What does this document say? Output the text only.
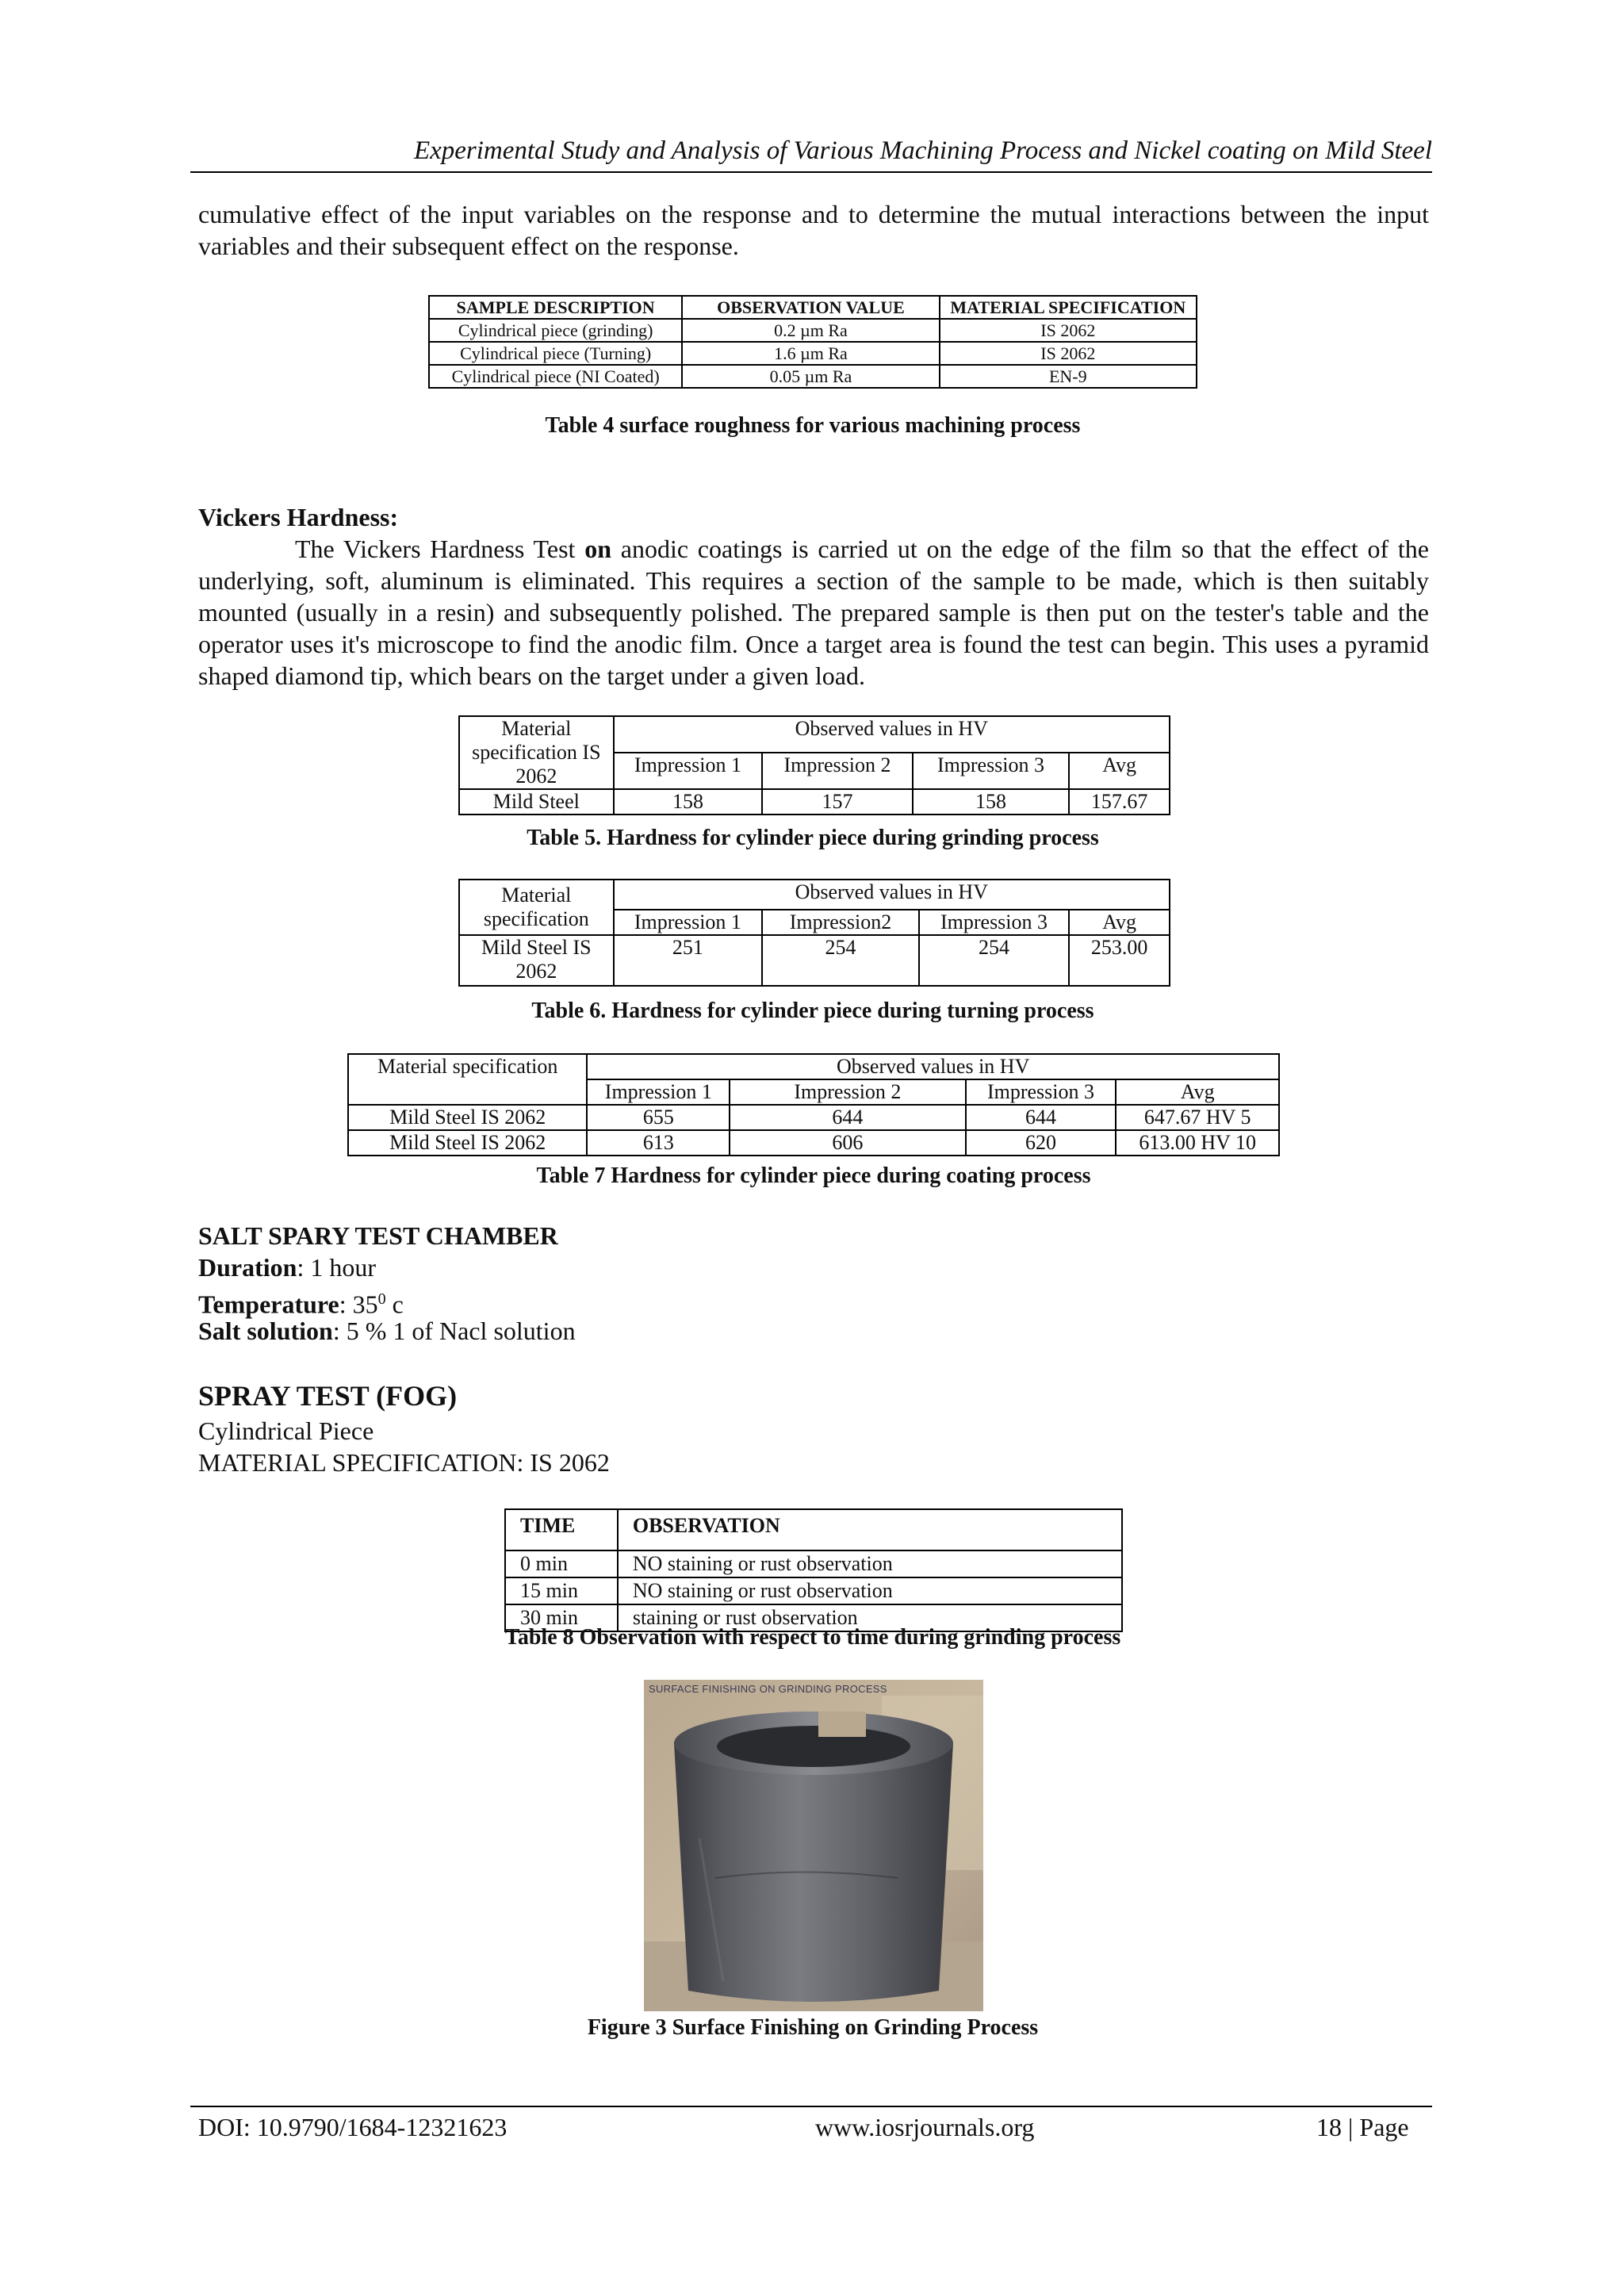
Experimental Study and Analysis of Various Machining Process and Nickel coating on Mild Steel

cumulative effect of the input variables on the response and to determine the mutual interactions between the input variables and their subsequent effect on the response.

SAMPLE DESCRIPTION	OBSERVATION VALUE	MATERIAL SPECIFICATION
Cylindrical piece (grinding)	0.2 µm Ra	IS 2062
Cylindrical piece (Turning)	1.6 µm Ra	IS 2062
Cylindrical piece (NI Coated)	0.05 µm Ra	EN-9
Table 4 surface roughness for various machining process
Vickers Hardness:

The Vickers Hardness Test on anodic coatings is carried ut on the edge of the film so that the effect of the underlying, soft, aluminum is eliminated. This requires a section of the sample to be made, which is then suitably mounted (usually in a resin) and subsequently polished. The prepared sample is then put on the tester's table and the operator uses it's microscope to find the anodic film. Once a target area is found the test can begin. This uses a pyramid shaped diamond tip, which bears on the target under a given load.

Material specification IS 2062	Observed values in HV			
	Impression 1	Impression 2	Impression 3	Avg
Mild Steel	158	157	158	157.67
Table 5. Hardness for cylinder piece during grinding process
Material specification	Observed values in HV			
	Impression 1	Impression2	Impression 3	Avg
Mild Steel IS 2062	251	254	254	253.00
Table 6. Hardness for cylinder piece during turning process
Material specification	Observed values in HV			
	Impression 1	Impression 2	Impression 3	Avg
Mild Steel IS 2062	655	644	644	647.67 HV 5
Mild Steel IS 2062	613	606	620	613.00 HV 10
Table 7 Hardness for cylinder piece during coating process
SALT SPARY TEST CHAMBER
Duration: 1 hour
Temperature: $35^0$ c
Salt solution: 5 % 1 of Nacl solution
SPRAY TEST (FOG)
Cylindrical Piece
MATERIAL SPECIFICATION: IS 2062
TIME	OBSERVATION
0 min	NO staining or rust observation
15 min	NO staining or rust observation
30 min	staining or rust observation
Table 8 Observation with respect to time during grinding process
SURFACE FINISHING ON GRINDING PROCESS
Figure 3 Surface Finishing on Grinding Process
DOI: 10.9790/1684-12321623	www.iosrjournals.org	18 | Page
